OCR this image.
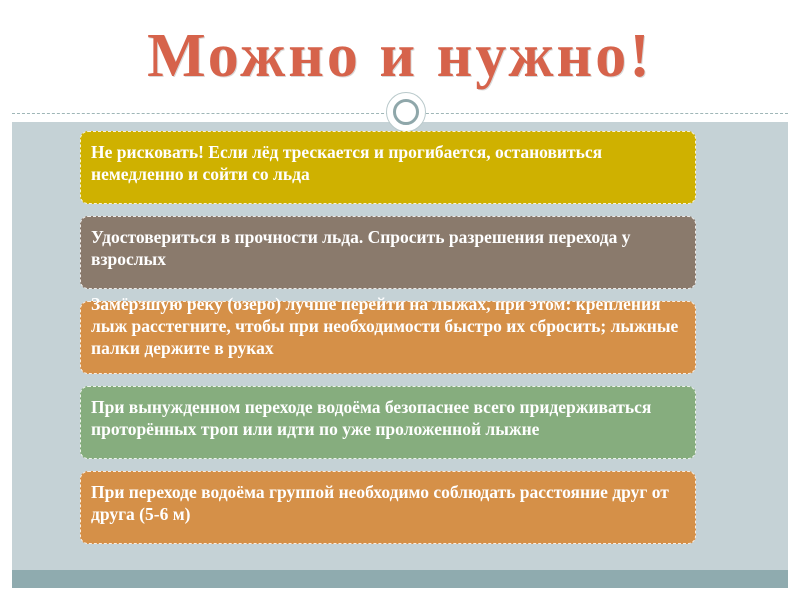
Можно и нужно!
Не рисковать! Если лёд трескается и прогибается, остановиться немедленно и сойти со льда
Удостовериться в прочности льда. Спросить разрешения перехода у взрослых
Замёрзшую реку (озеро) лучше перейти на лыжах, при этом: крепления лыж расстегните, чтобы при необходимости быстро их сбросить; лыжные палки держите в руках
При вынужденном переходе водоёма безопаснее всего придерживаться проторённых троп или идти по уже проложенной лыжне
При переходе водоёма группой необходимо соблюдать расстояние друг от друга (5-6 м)
